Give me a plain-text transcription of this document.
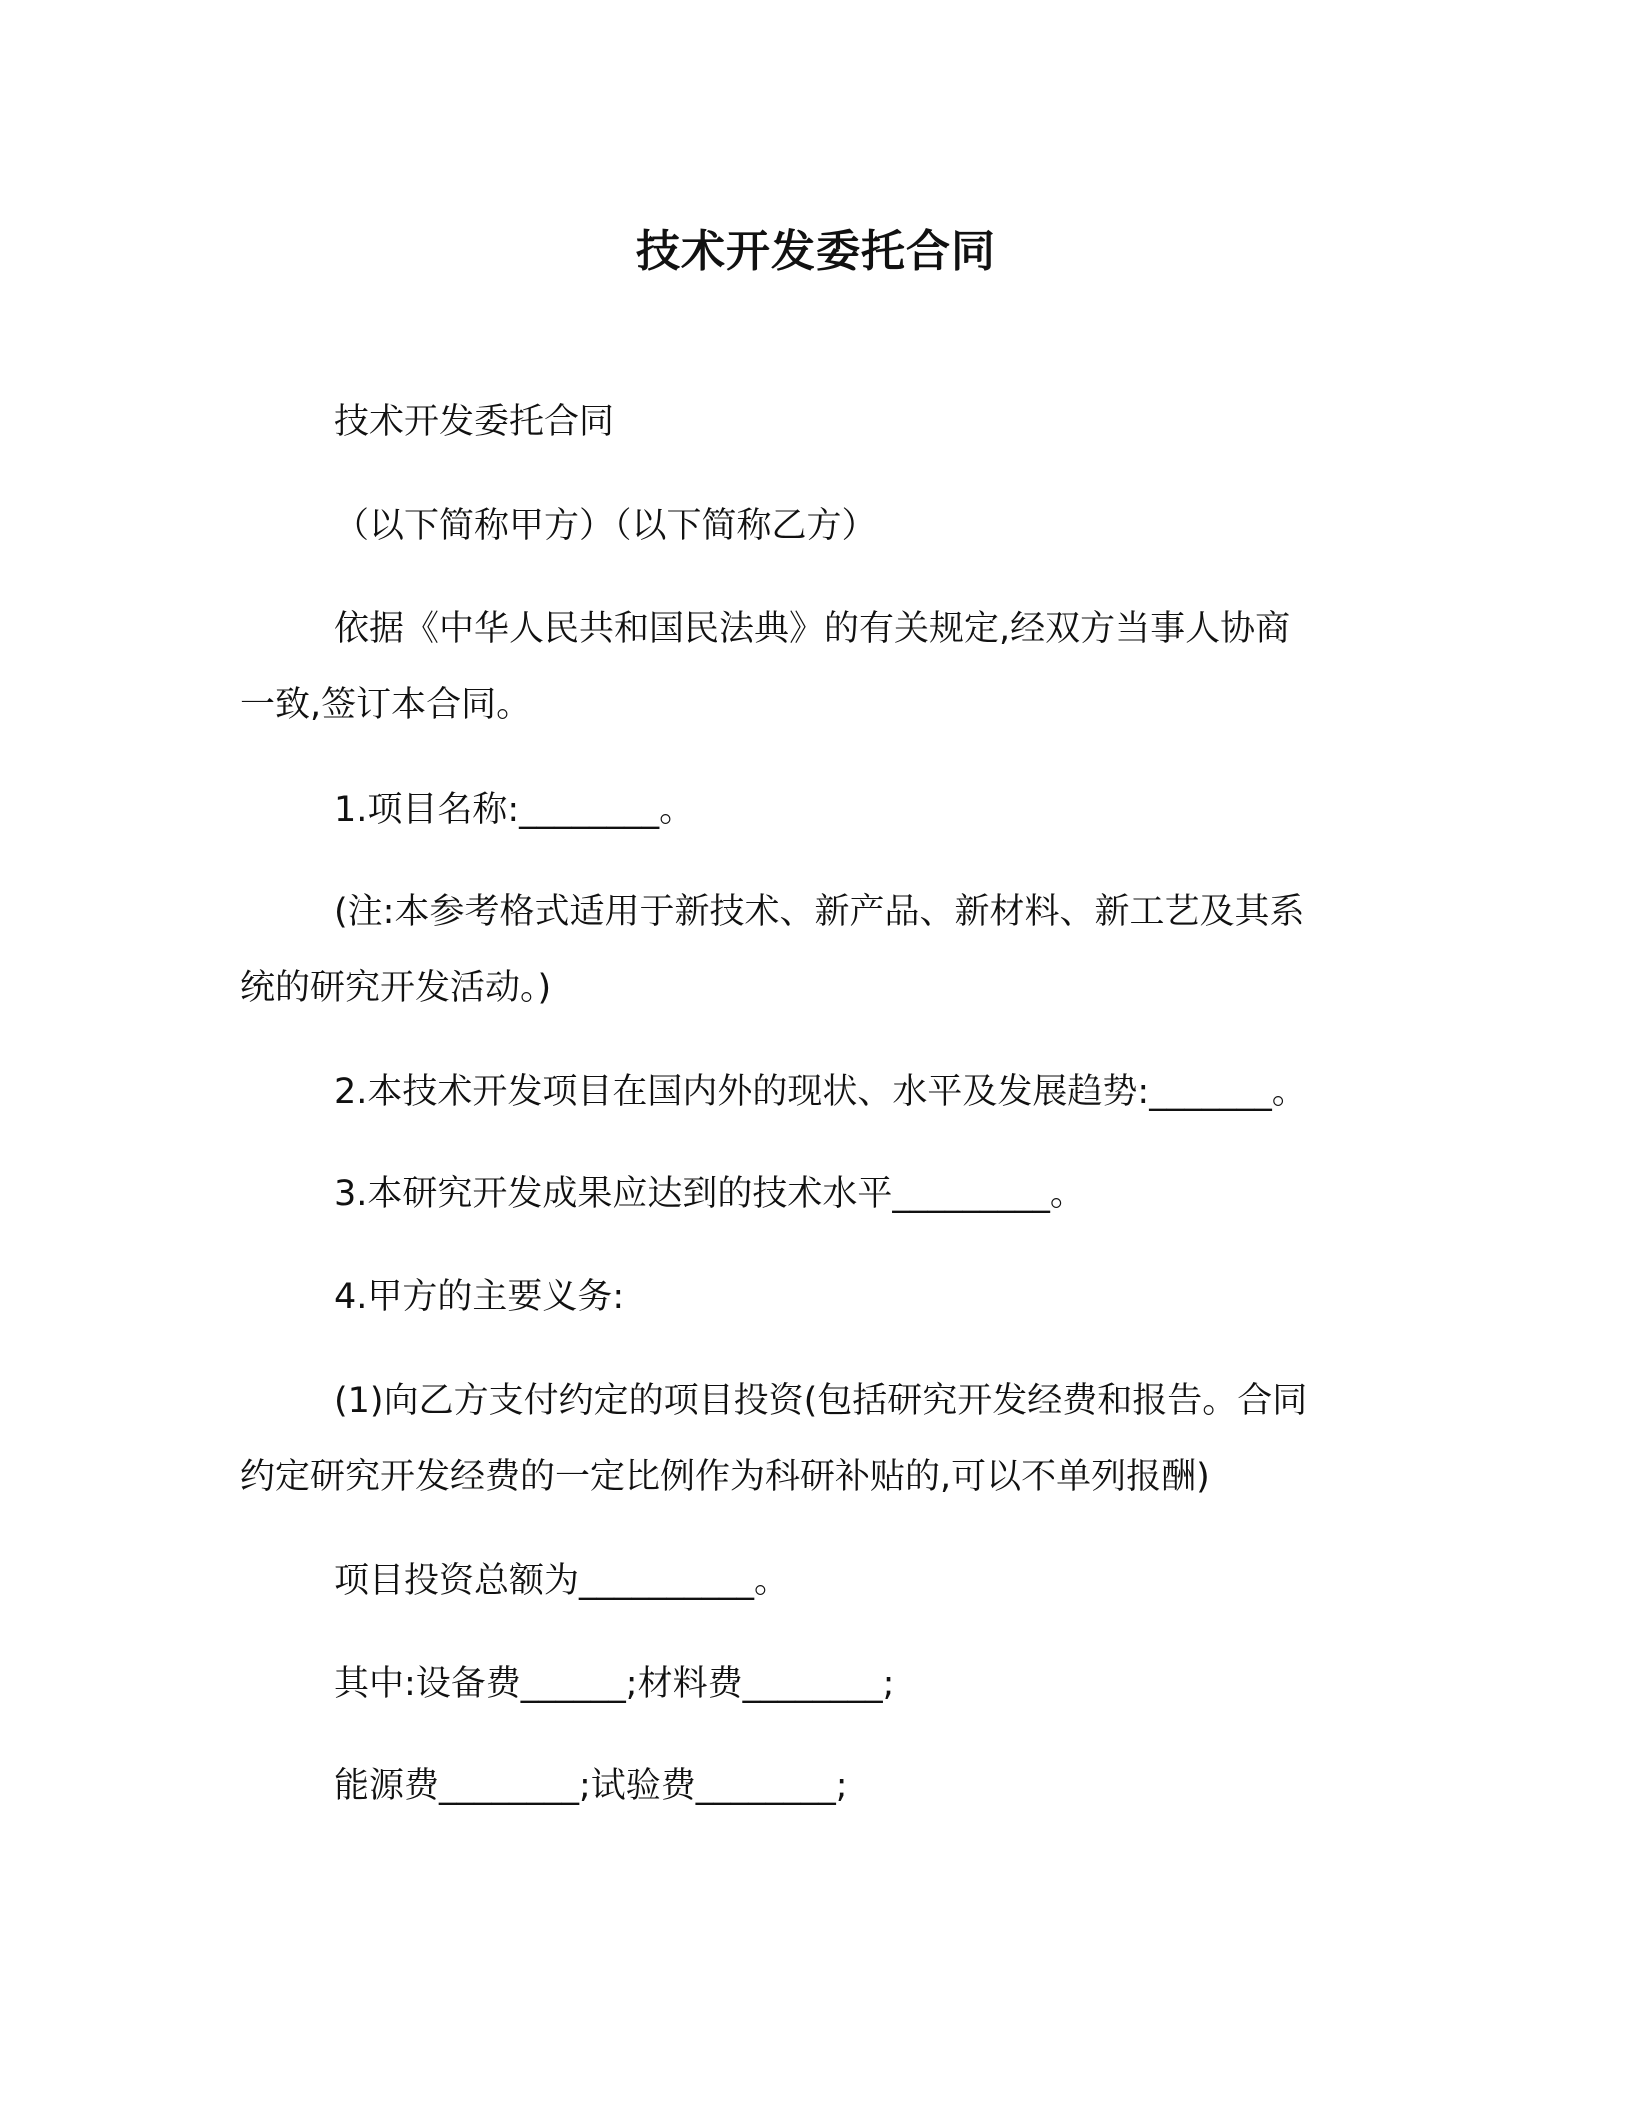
技术开发委托合同
技术开发委托合同
（以下简称甲方）（以下简称乙方）
依据《中华人民共和国民法典》的有关规定,经双方当事人协商
一致,签订本合同。
1.项目名称:________。
(注:本参考格式适用于新技术、新产品、新材料、新工艺及其系
统的研究开发活动。)
2.本技术开发项目在国内外的现状、水平及发展趋势:_______。
3.本研究开发成果应达到的技术水平_________。
4.甲方的主要义务:
(1)向乙方支付约定的项目投资(包括研究开发经费和报告。合同
约定研究开发经费的一定比例作为科研补贴的,可以不单列报酬)
项目投资总额为__________。
其中:设备费______;材料费________;
能源费________;试验费________;
